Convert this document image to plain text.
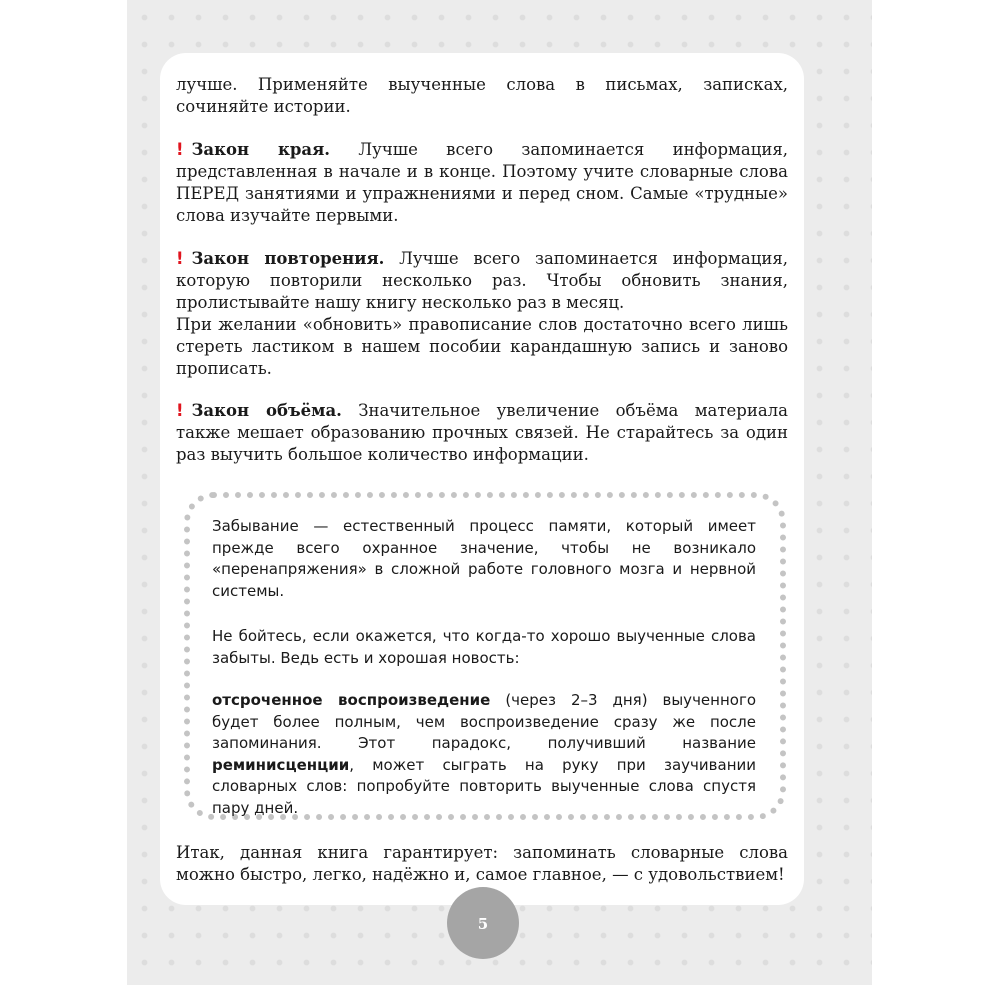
лучше. Применяйте выученные слова в письмах, записках, сочиняйте истории.

! Закон края. Лучше всего запоминается информация, представленная в начале и в конце. Поэтому учите словарные слова ПЕРЕД занятиями и упражнениями и перед сном. Самые «трудные» слова изучайте первыми.

! Закон повторения. Лучше всего запоминается информация, которую повторили несколько раз. Чтобы обновить знания, пролистывайте нашу книгу несколько раз в месяц.
При желании «обновить» правописание слов достаточно всего лишь стереть ластиком в нашем пособии карандашную запись и заново прописать.

! Закон объёма. Значительное увеличение объёма материала также мешает образованию прочных связей. Не старайтесь за один раз выучить большое количество информации.

Забывание — естественный процесс памяти, который имеет прежде всего охранное значение, чтобы не возникало «перенапряжения» в сложной работе головного мозга и нервной системы.

Не бойтесь, если окажется, что когда-то хорошо выученные слова забыты. Ведь есть и хорошая новость:

отсроченное воспроизведение (через 2–3 дня) выученного будет более полным, чем воспроизведение сразу же после запоминания. Этот парадокс, получивший название реминисценции, может сыграть на руку при заучивании словарных слов: попробуйте повторить выученные слова спустя пару дней.

Итак, данная книга гарантирует: запоминать словарные слова можно быстро, легко, надёжно и, самое главное, — с удовольствием!

5
